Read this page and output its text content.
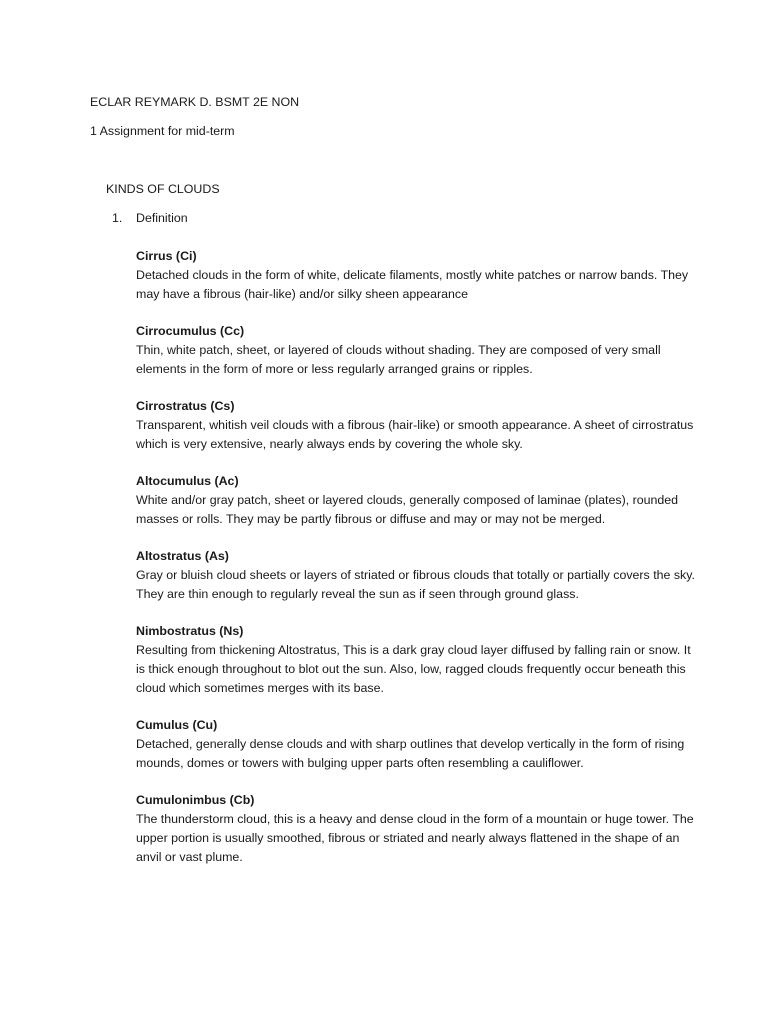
ECLAR REYMARK D. BSMT 2E NON
1 Assignment for mid-term
KINDS OF CLOUDS
1. Definition
Cirrus (Ci)
Detached clouds in the form of white, delicate filaments, mostly white patches or narrow bands. They may have a fibrous (hair-like) and/or silky sheen appearance
Cirrocumulus (Cc)
Thin, white patch, sheet, or layered of clouds without shading. They are composed of very small elements in the form of more or less regularly arranged grains or ripples.
Cirrostratus (Cs)
Transparent, whitish veil clouds with a fibrous (hair-like) or smooth appearance. A sheet of cirrostratus which is very extensive, nearly always ends by covering the whole sky.
Altocumulus (Ac)
White and/or gray patch, sheet or layered clouds, generally composed of laminae (plates), rounded masses or rolls. They may be partly fibrous or diffuse and may or may not be merged.
Altostratus (As)
Gray or bluish cloud sheets or layers of striated or fibrous clouds that totally or partially covers the sky. They are thin enough to regularly reveal the sun as if seen through ground glass.
Nimbostratus (Ns)
Resulting from thickening Altostratus, This is a dark gray cloud layer diffused by falling rain or snow. It is thick enough throughout to blot out the sun. Also, low, ragged clouds frequently occur beneath this cloud which sometimes merges with its base.
Cumulus (Cu)
Detached, generally dense clouds and with sharp outlines that develop vertically in the form of rising mounds, domes or towers with bulging upper parts often resembling a cauliflower.
Cumulonimbus (Cb)
The thunderstorm cloud, this is a heavy and dense cloud in the form of a mountain or huge tower. The upper portion is usually smoothed, fibrous or striated and nearly always flattened in the shape of an anvil or vast plume.
